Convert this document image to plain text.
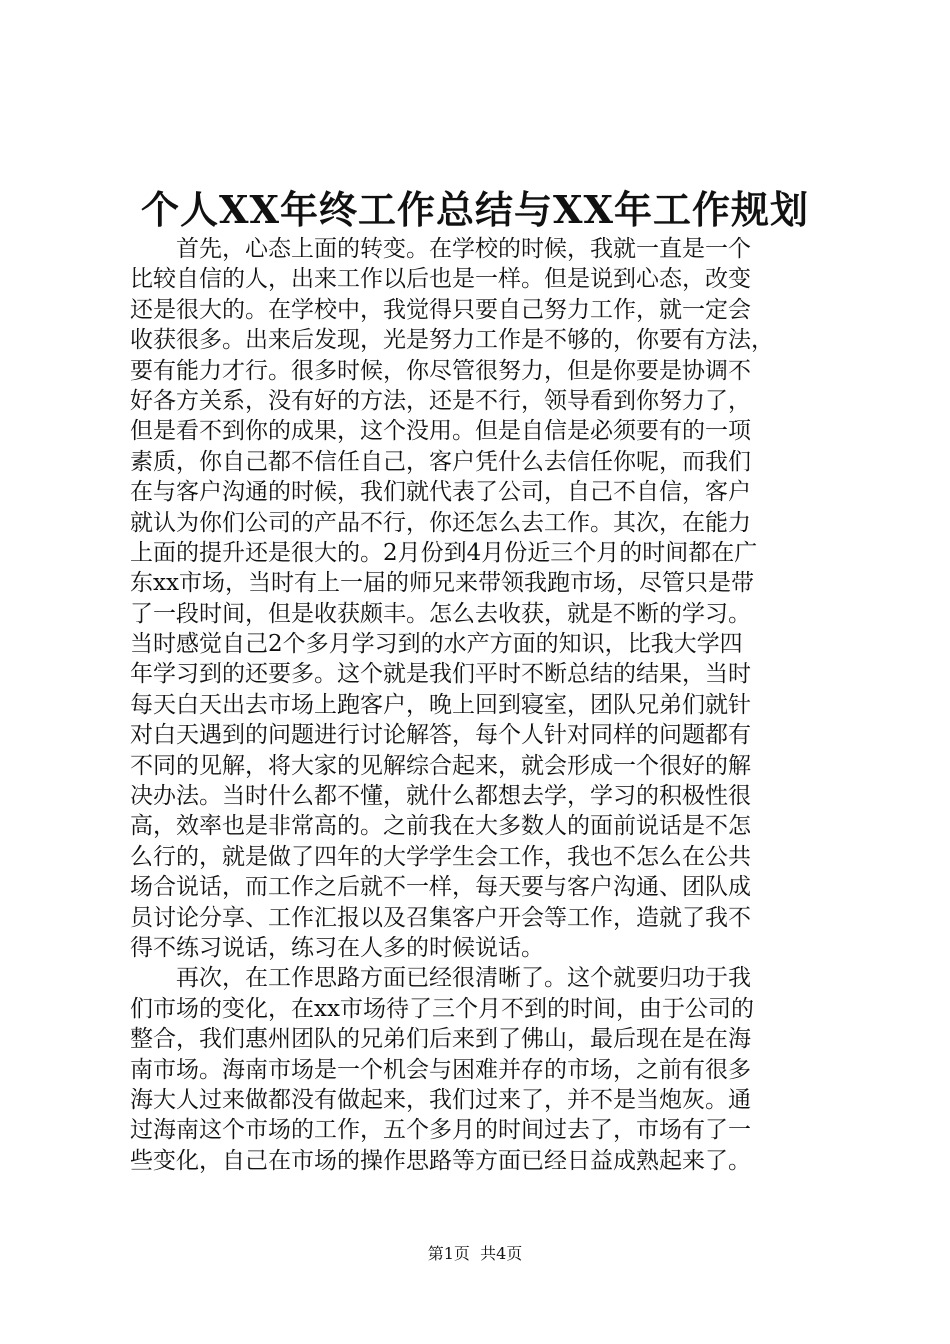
个人XX年终工作总结与XX年工作规划
　　首先，心态上面的转变。在学校的时候，我就一直是一个
比较自信的人，出来工作以后也是一样。但是说到心态，改变
还是很大的。在学校中，我觉得只要自己努力工作，就一定会
收获很多。出来后发现，光是努力工作是不够的，你要有方法，
要有能力才行。很多时候，你尽管很努力，但是你要是协调不
好各方关系，没有好的方法，还是不行，领导看到你努力了，
但是看不到你的成果，这个没用。但是自信是必须要有的一项
素质，你自己都不信任自己，客户凭什么去信任你呢，而我们
在与客户沟通的时候，我们就代表了公司，自己不自信，客户
就认为你们公司的产品不行，你还怎么去工作。其次，在能力
上面的提升还是很大的。2月份到4月份近三个月的时间都在广
东xx市场，当时有上一届的师兄来带领我跑市场，尽管只是带
了一段时间，但是收获颇丰。怎么去收获，就是不断的学习。
当时感觉自己2个多月学习到的水产方面的知识，比我大学四
年学习到的还要多。这个就是我们平时不断总结的结果，当时
每天白天出去市场上跑客户，晚上回到寝室，团队兄弟们就针
对白天遇到的问题进行讨论解答，每个人针对同样的问题都有
不同的见解，将大家的见解综合起来，就会形成一个很好的解
决办法。当时什么都不懂，就什么都想去学，学习的积极性很
高，效率也是非常高的。之前我在大多数人的面前说话是不怎
么行的，就是做了四年的大学学生会工作，我也不怎么在公共
场合说话，而工作之后就不一样，每天要与客户沟通、团队成
员讨论分享、工作汇报以及召集客户开会等工作，造就了我不
得不练习说话，练习在人多的时候说话。
　　再次，在工作思路方面已经很清晰了。这个就要归功于我
们市场的变化，在xx市场待了三个月不到的时间，由于公司的
整合，我们惠州团队的兄弟们后来到了佛山，最后现在是在海
南市场。海南市场是一个机会与困难并存的市场，之前有很多
海大人过来做都没有做起来，我们过来了，并不是当炮灰。通
过海南这个市场的工作，五个多月的时间过去了，市场有了一
些变化，自己在市场的操作思路等方面已经日益成熟起来了。
第1页  共4页
